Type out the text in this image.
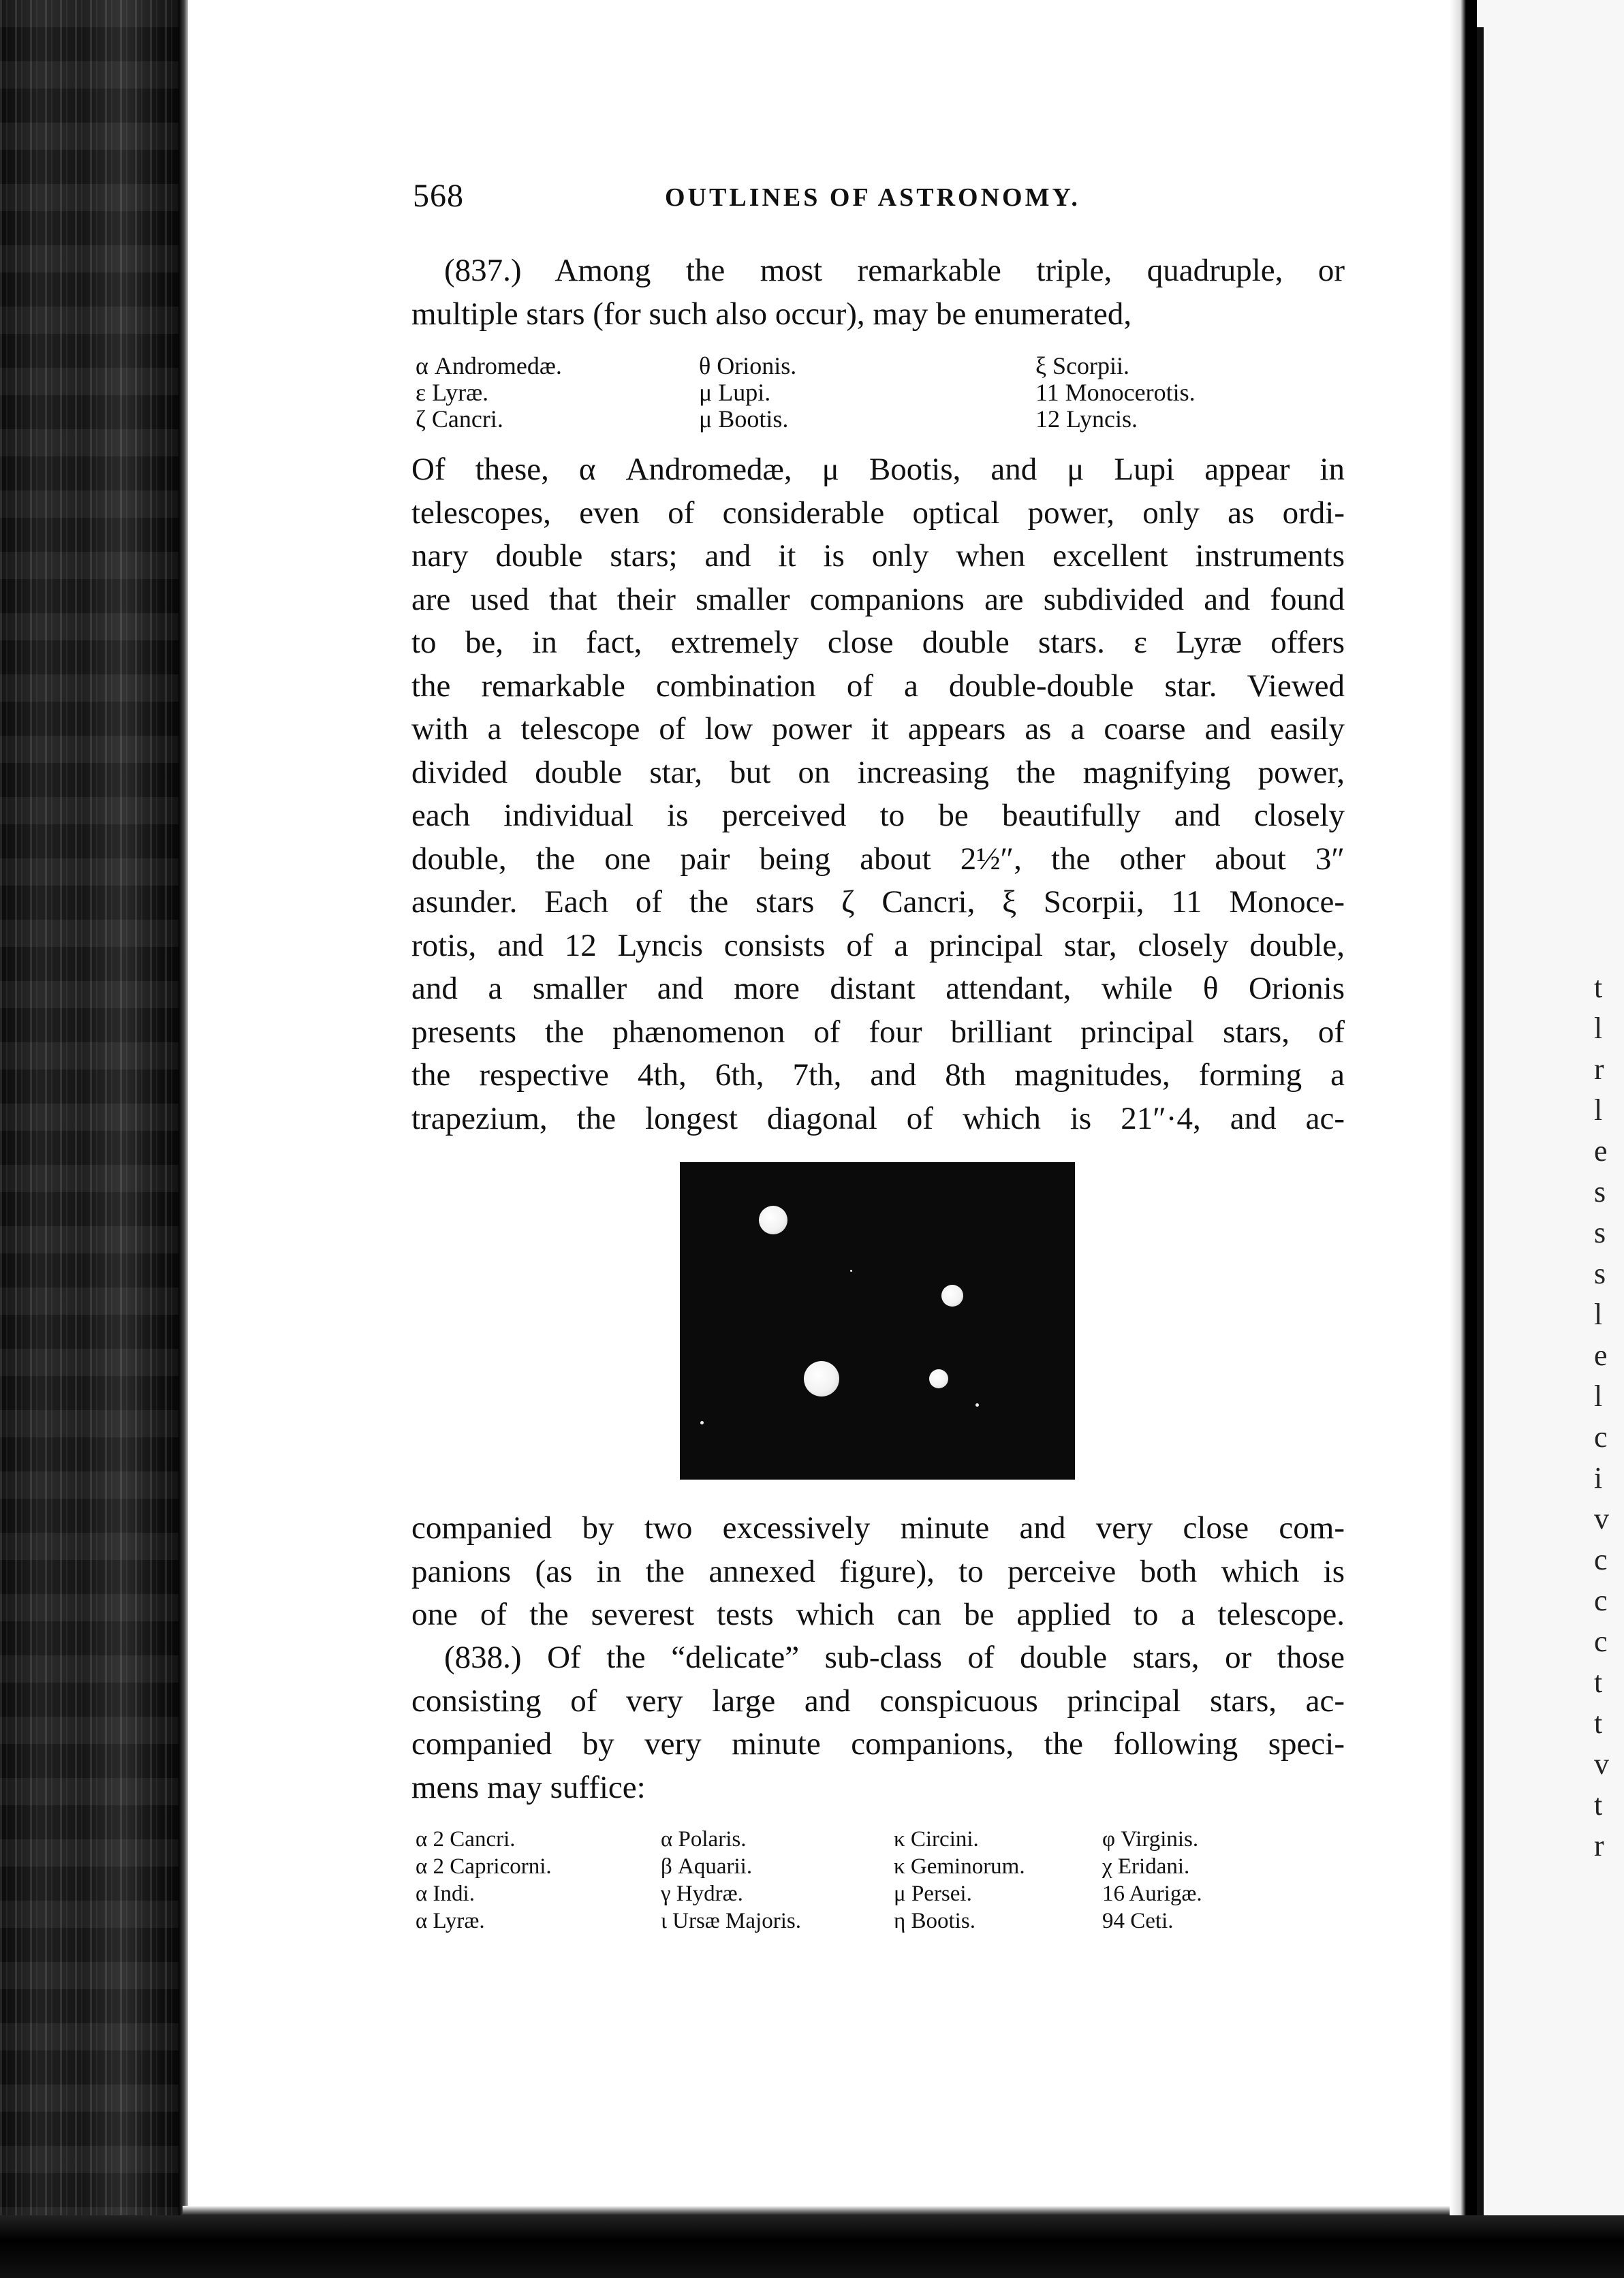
t
l
r
l
e
s
s
s
l
e
l
c
i
v
c
c
c
t
t
v
t
r
568	OUTLINES OF ASTRONOMY.
(837.) Among the most remarkable triple, quadruple, or
multiple stars (for such also occur), may be enumerated,
α Andromedæ.	θ Orionis.	ξ Scorpii.
ε Lyræ.	μ Lupi.	11 Monocerotis.
ζ Cancri.	μ Bootis.	12 Lyncis.
Of these, α Andromedæ, μ Bootis, and μ Lupi appear in
telescopes, even of considerable optical power, only as ordi-
nary double stars; and it is only when excellent instruments
are used that their smaller companions are subdivided and found
to be, in fact, extremely close double stars. ε Lyræ offers
the remarkable combination of a double-double star. Viewed
with a telescope of low power it appears as a coarse and easily
divided double star, but on increasing the magnifying power,
each individual is perceived to be beautifully and closely
double, the one pair being about 2½″, the other about 3″
asunder. Each of the stars ζ Cancri, ξ Scorpii, 11 Monoce-
rotis, and 12 Lyncis consists of a principal star, closely double,
and a smaller and more distant attendant, while θ Orionis
presents the phænomenon of four brilliant principal stars, of
the respective 4th, 6th, 7th, and 8th magnitudes, forming a
trapezium, the longest diagonal of which is 21″·4, and ac-
companied by two excessively minute and very close com-
panions (as in the annexed figure), to perceive both which is
one of the severest tests which can be applied to a telescope.
(838.) Of the “delicate” sub-class of double stars, or those
consisting of very large and conspicuous principal stars, ac-
companied by very minute companions, the following speci-
mens may suffice:
α 2 Cancri.	α Polaris.	κ Circini.	φ Virginis.
α 2 Capricorni.	β Aquarii.	κ Geminorum.	χ Eridani.
α Indi.	γ Hydræ.	μ Persei.	16 Aurigæ.
α Lyræ.	ι Ursæ Majoris.	η Bootis.	94 Ceti.
